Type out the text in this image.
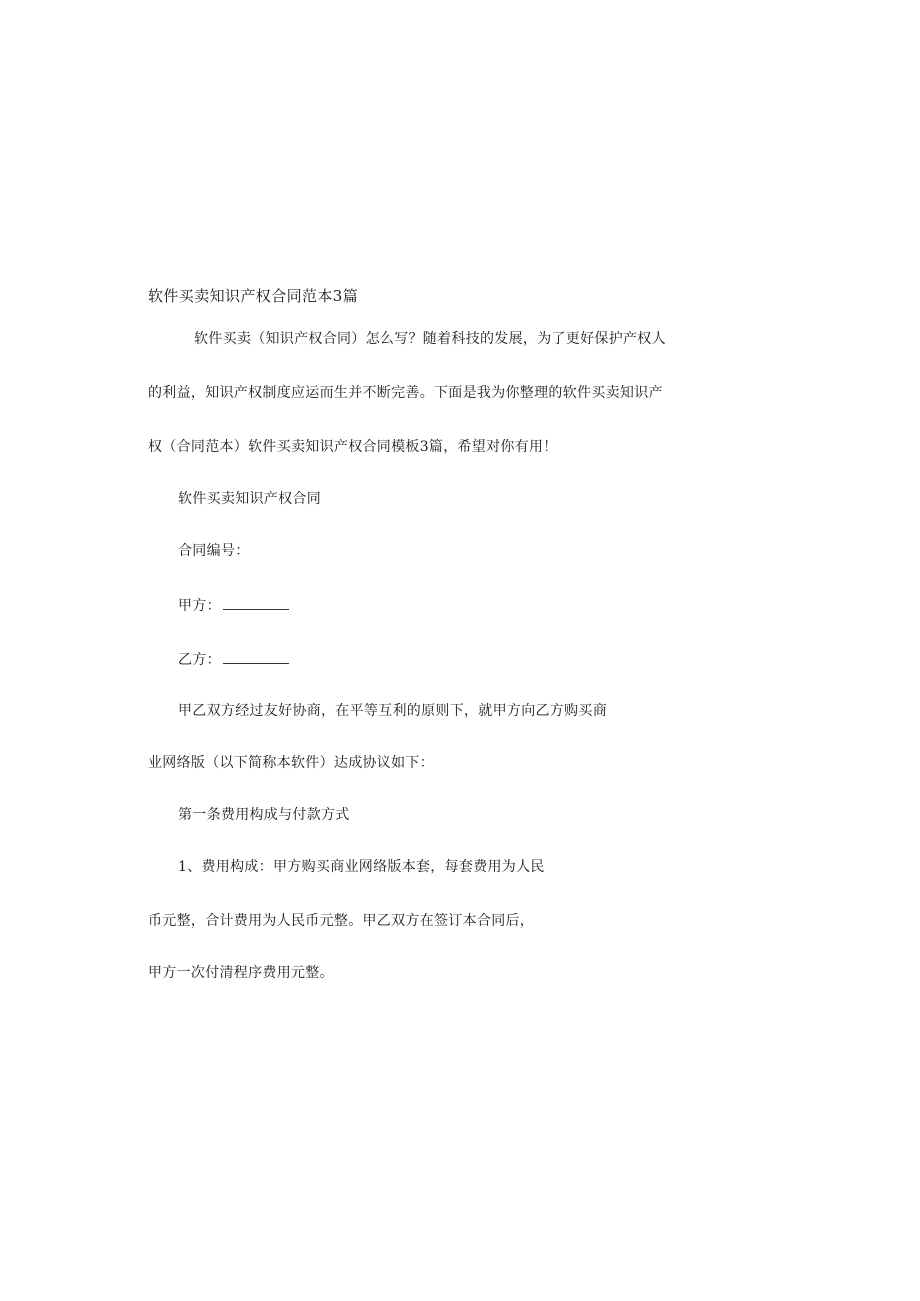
软件买卖知识产权合同范本3篇
软件买卖（知识产权合同）怎么写？随着科技的发展，为了更好保护产权人
的利益，知识产权制度应运而生并不断完善。下面是我为你整理的软件买卖知识产
权（合同范本）软件买卖知识产权合同模板3篇，希望对你有用！
软件买卖知识产权合同
合同编号：
甲方：
乙方：
甲乙双方经过友好协商，在平等互利的原则下，就甲方向乙方购买商
业网络版（以下简称本软件）达成协议如下：
第一条费用构成与付款方式
1、费用构成：甲方购买商业网络版本套，每套费用为人民
币元整，合计费用为人民币元整。甲乙双方在签订本合同后，
甲方一次付清程序费用元整。
